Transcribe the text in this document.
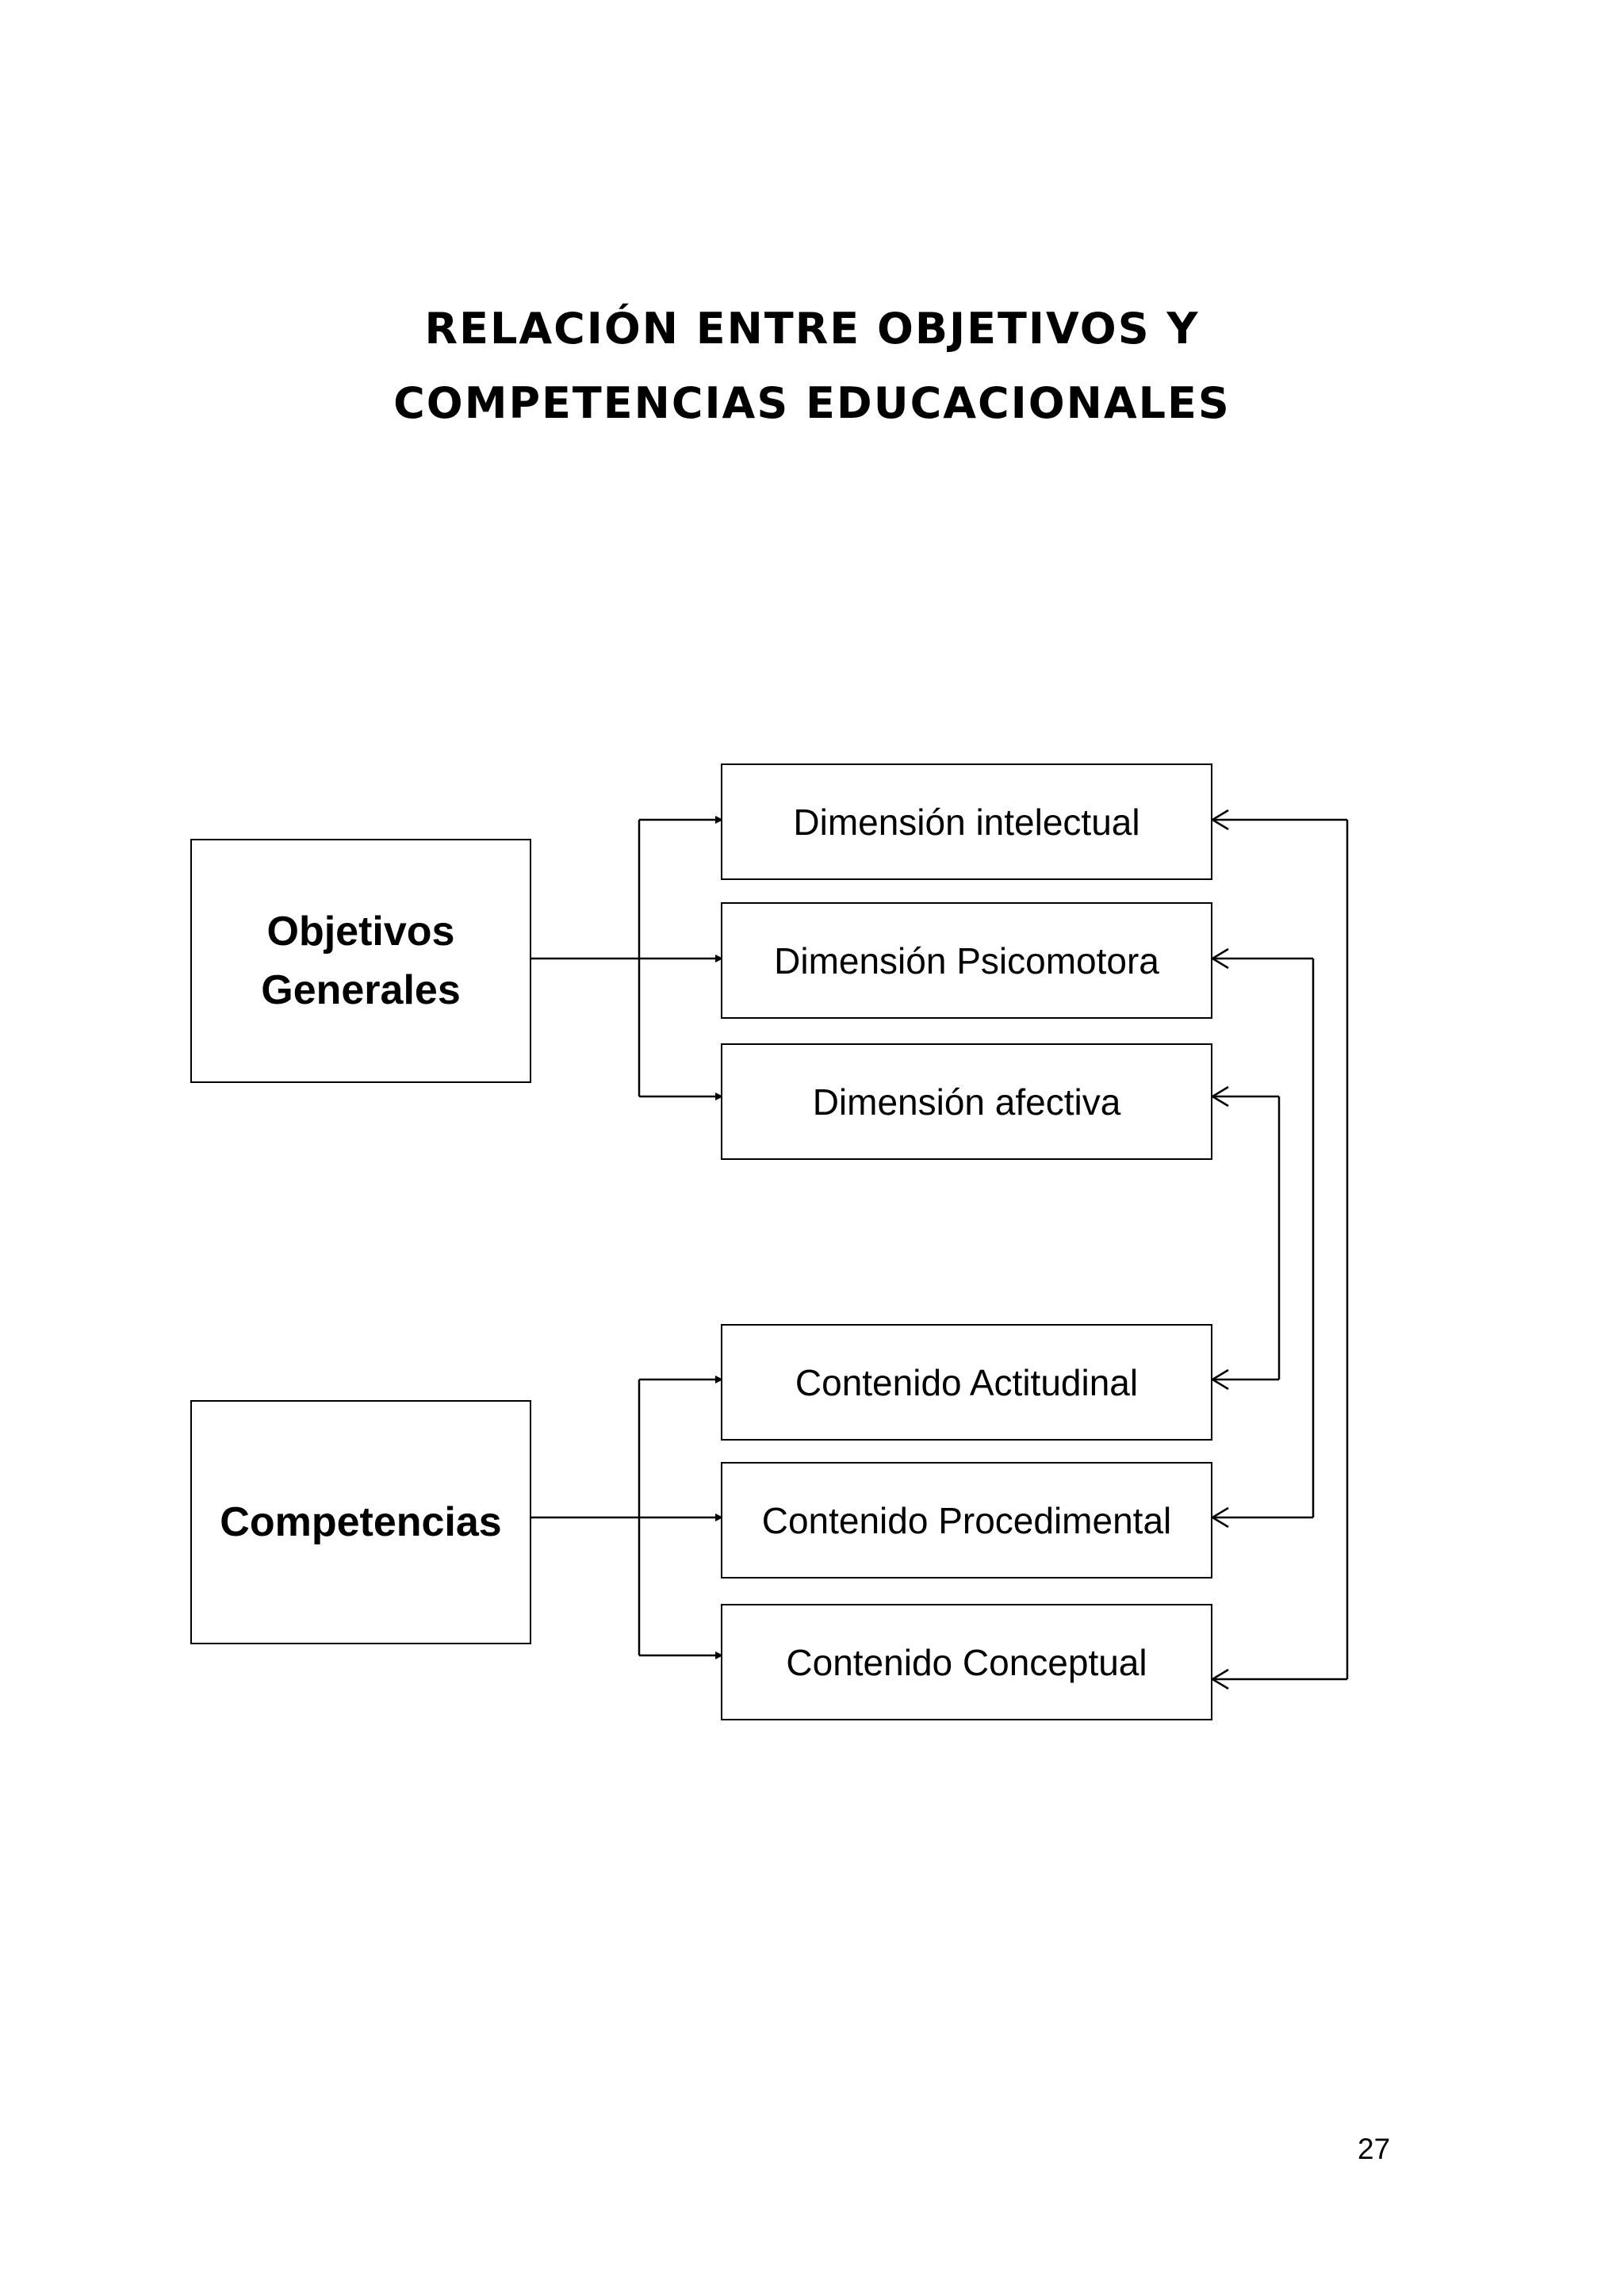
RELACIÓN ENTRE OBJETIVOS Y
COMPETENCIAS EDUCACIONALES
Objetivos
Generales
Competencias
Dimensión intelectual
Dimensión Psicomotora
Dimensión afectiva
Contenido Actitudinal
Contenido Procedimental
Contenido Conceptual
27
